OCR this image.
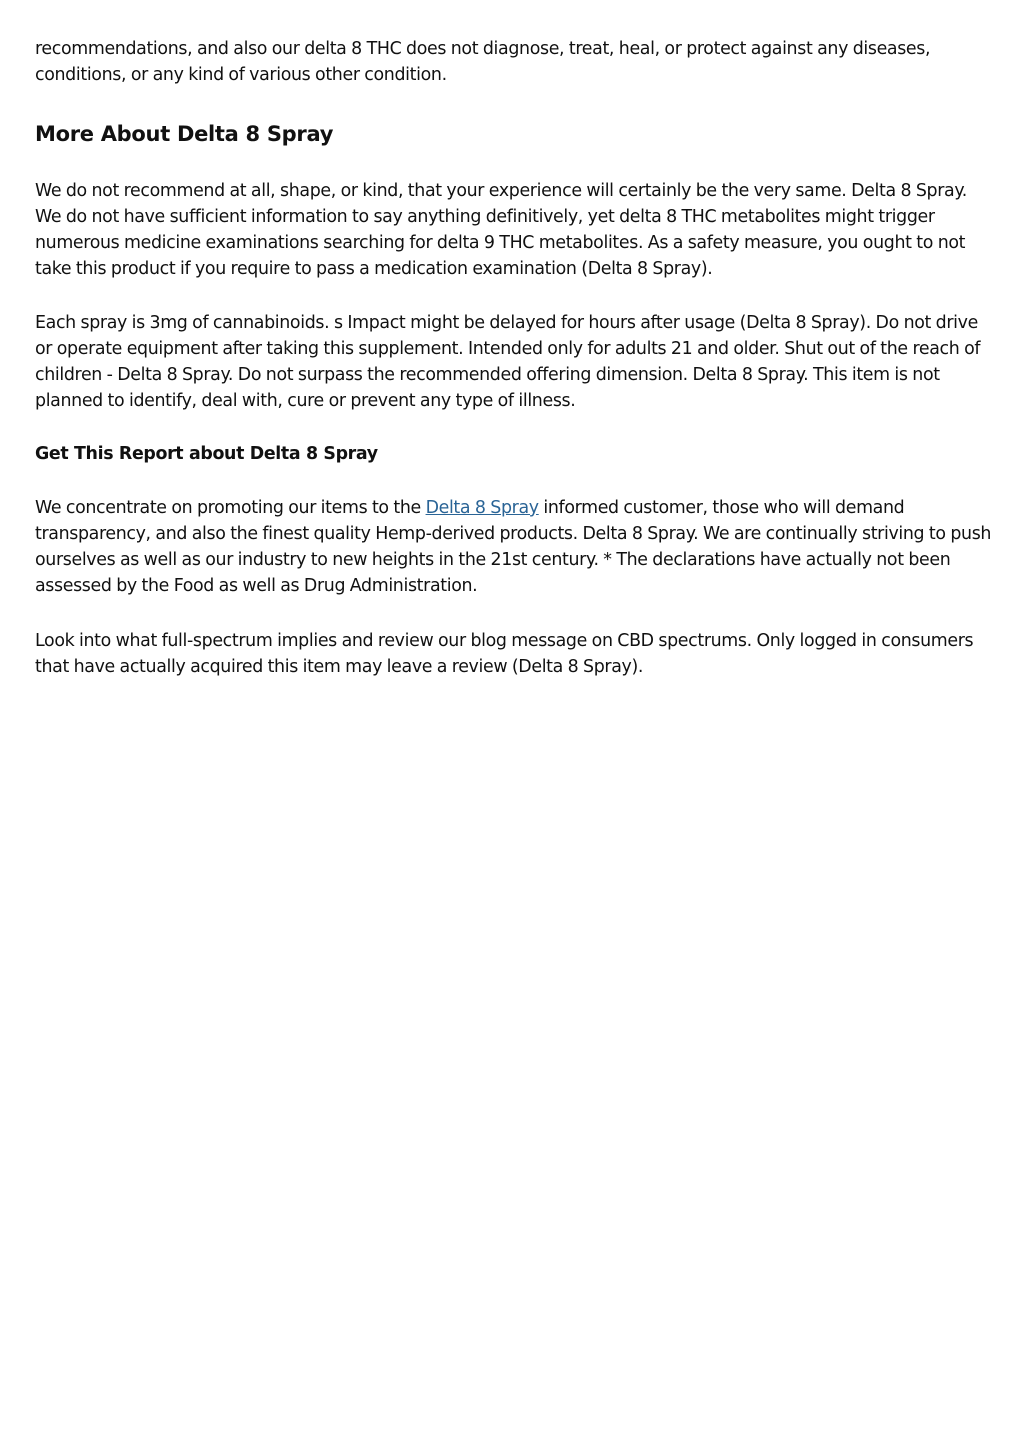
recommendations, and also our delta 8 THC does not diagnose, treat, heal, or protect against any diseases, conditions, or any kind of various other condition.

More About Delta 8 Spray

We do not recommend at all, shape, or kind, that your experience will certainly be the very same. Delta 8 Spray. We do not have sufficient information to say anything definitively, yet delta 8 THC metabolites might trigger numerous medicine examinations searching for delta 9 THC metabolites. As a safety measure, you ought to not take this product if you require to pass a medication examination (Delta 8 Spray).

Each spray is 3mg of cannabinoids. s Impact might be delayed for hours after usage (Delta 8 Spray). Do not drive or operate equipment after taking this supplement. Intended only for adults 21 and older. Shut out of the reach of children - Delta 8 Spray. Do not surpass the recommended offering dimension. Delta 8 Spray. This item is not planned to identify, deal with, cure or prevent any type of illness.

Get This Report about Delta 8 Spray

We concentrate on promoting our items to the Delta 8 Spray informed customer, those who will demand transparency, and also the finest quality Hemp-derived products. Delta 8 Spray. We are continually striving to push ourselves as well as our industry to new heights in the 21st century. * The declarations have actually not been assessed by the Food as well as Drug Administration.

Look into what full-spectrum implies and review our blog message on CBD spectrums. Only logged in consumers that have actually acquired this item may leave a review (Delta 8 Spray).
